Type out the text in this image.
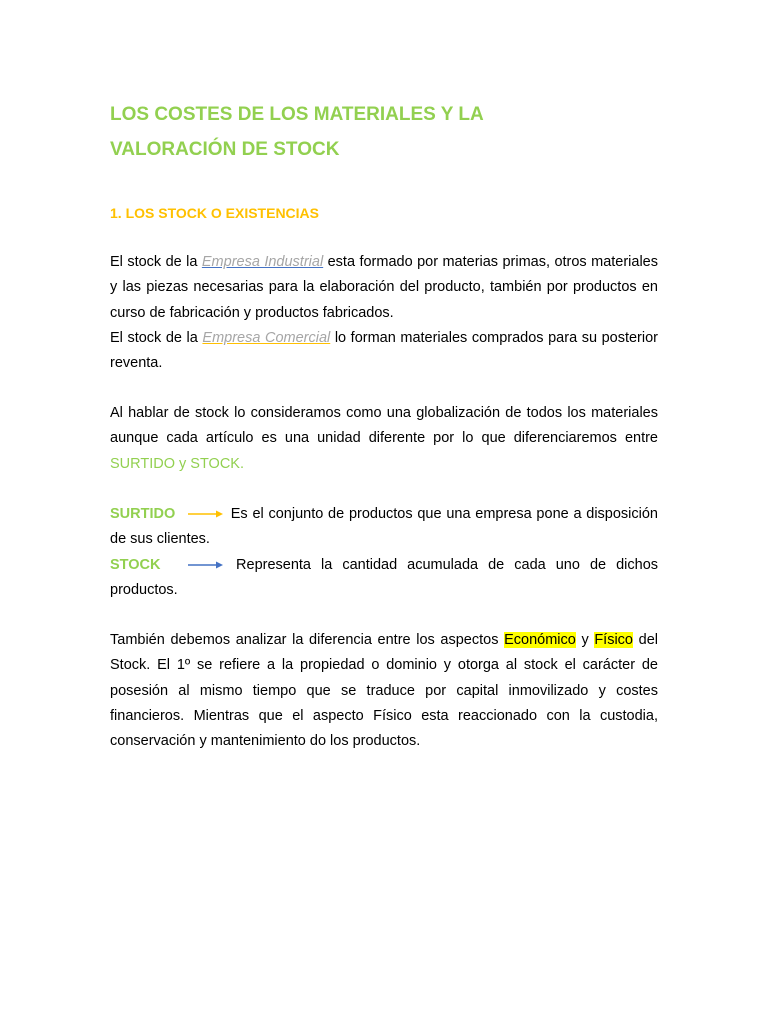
LOS COSTES DE LOS MATERIALES Y LA
VALORACIÓN DE STOCK
1. LOS STOCK O EXISTENCIAS

El stock de la Empresa Industrial esta formado por materias primas, otros materiales y las piezas necesarias para la elaboración del producto, también por productos en curso de fabricación y productos fabricados.
El stock de la Empresa Comercial lo forman materiales comprados para su posterior reventa.

Al hablar de stock lo consideramos como una globalización de todos los materiales aunque cada artículo es una unidad diferente por lo que diferenciaremos entre SURTIDO y STOCK.

SURTIDO	Es el conjunto de productos que una empresa pone a disposición de sus clientes.
STOCK	Representa la cantidad acumulada de cada uno de dichos productos.

También debemos analizar la diferencia entre los aspectos Económico y Físico del Stock. El 1º se refiere a la propiedad o dominio y otorga al stock el carácter de posesión al mismo tiempo que se traduce por capital inmovilizado y costes financieros. Mientras que el aspecto Físico esta reaccionado con la custodia, conservación y mantenimiento do los productos.
